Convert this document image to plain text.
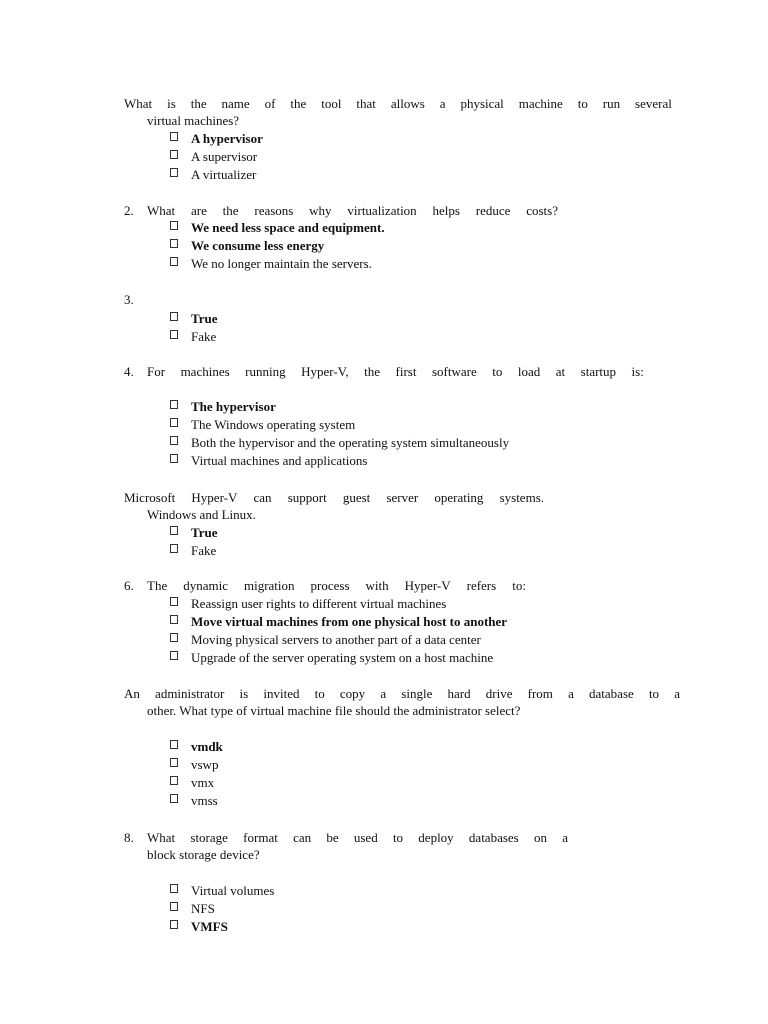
What is the name of the tool that allows a physical machine to run several
virtual machines?
A hypervisor
A supervisor
A virtualizer
2.	What are the reasons why virtualization helps reduce costs?
We need less space and equipment.
We consume less energy
We no longer maintain the servers.
3.
True
Fake
4.	For machines running Hyper-V, the first software to load at startup is:
The hypervisor
The Windows operating system
Both the hypervisor and the operating system simultaneously
Virtual machines and applications
Microsoft Hyper-V can support guest server operating systems.
Windows and Linux.
True
Fake
6.	The dynamic migration process with Hyper-V refers to:
Reassign user rights to different virtual machines
Move virtual machines from one physical host to another
Moving physical servers to another part of a data center
Upgrade of the server operating system on a host machine
An administrator is invited to copy a single hard drive from a database to a
other. What type of virtual machine file should the administrator select?
vmdk
vswp
vmx
vmss
8.	What storage format can be used to deploy databases on a
block storage device?
Virtual volumes
NFS
VMFS
